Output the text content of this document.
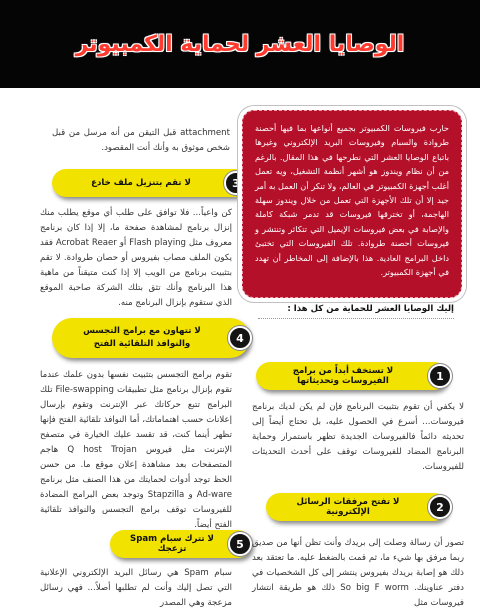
الوصايا العشر لحماية الكمبيوتر
attachment قبل التيقن من أنه مرسل من قبل شخص موثوق به وأنك أنت المقصود.
لا تقم بتنزيل ملف خادع	3
كن واعياً... فلا توافق على طلب أي موقع يطلب منك إنزال برنامج لمشاهدة صفحة ما، إلا إذا كان برنامج معروف مثل Flash playing أو Acrobat Reaer فقد يكون الملف مصاب بفيروس أو حصان طروادة. لا تقم بتثبيت برنامج من الويب إلا إذا كنت متيقناً من ماهية هذا البرنامج وأنك تثق بتلك الشركة صاحبة الموقع الذي ستقوم بإنزال البرنامج منه.
لا تتهاون مع برامج التجسس والنوافذ التلقائية الفتح	4
تقوم برامج التجسس بتثبيت نفسها بدون علمك عندما تقوم بإنزال برنامج مثل تطبيقات File-swapping تلك البرامج تتبع حركاتك عبر الإنترنت وتقوم بإرسال إعلانات حسب اهتماماتك، أما النوافذ تلقائية الفتح فإنها تظهر أينما كنت، قد تقسد عليك الخيارة في متصفح الإنترنت مثل فيروس Q host Trojan هاجم المتصفحات بعد مشاهدة إعلان موقع ما. من حسن الحظ توجد أدوات لحمايتك من هذا الصنف مثل برنامج Ad-ware و Stapzilla وتوجد بعض البرامج المضادة للفيروسات توقف برامج التجسس والنوافذ تلقائية الفتح أيضاً.
لا تترك سبام Spam تزعجك	5
سبام Spam هي رسائل البريد الإلكتروني الإعلانية التي تصل إليك وأنت لم تطلبها أصلاً... فهي رسائل مزعجة وهي المصدر
حارب فيروسات الكمبيوتر بجميع أنواعها بما فيها أحصنة طروادة والسبام وفيروسات البريد الإلكتروني وغيرها باتباع الوصايا العشر التي نطرحها في هذا المقال. بالرغم من أن نظام ويندوز هو أشهر أنظمة التشغيل، ويه تعمل أغلب أجهزة الكمبيوتر في العالم، ولا تنكر أن العمل به أمر جيد إلا أن تلك الأجهزة التي تعمل من خلال ويندوز سهلة الهاجمة، أو تخترقها فيروسات قد تدمر شبكة كاملة والإصابة في بعض فيروسات الإيميل التي تتكاثر وتنتشر و فيروسات أحصنة طروادة. تلك الفيروسات التي تختبئ داخل البرامج العادية. هذا بالإضافة إلى المخاطر أن تهدد في أجهزة الكمبيوتر.
إليك الوصايا العشر للحماية من كل هذا :
لا تستخف أبداً من برامج الفيروسات وتحديثاتها	1
لا يكفي أن تقوم بتثبيت البرنامج فإن لم يكن لديك برنامج فيروسات... أسرع في الحصول عليه، بل تحتاج أيضاً إلى تحديثه دائماً فالفيروسات الجديدة تظهر باستمرار وحماية البرنامج المضاد للفيروسات توقف على أحدث التحديثات للفيروسات.
لا تفتح مرفقات الرسائل الإلكترونية	2
تصور أن رسالة وصلت إلى بريدك وأنت تظن أنها من صديق ربما مرفق بها شيء ما، ثم قمت بالضغط عليه. ما تعتقد بعد ذلك هو إصابة بريدك بفيروس ينتشر إلى كل الشخصيات في دفتر عناوينك. So big F worm ذلك هو طريقة انتشار فيروسات مثل
